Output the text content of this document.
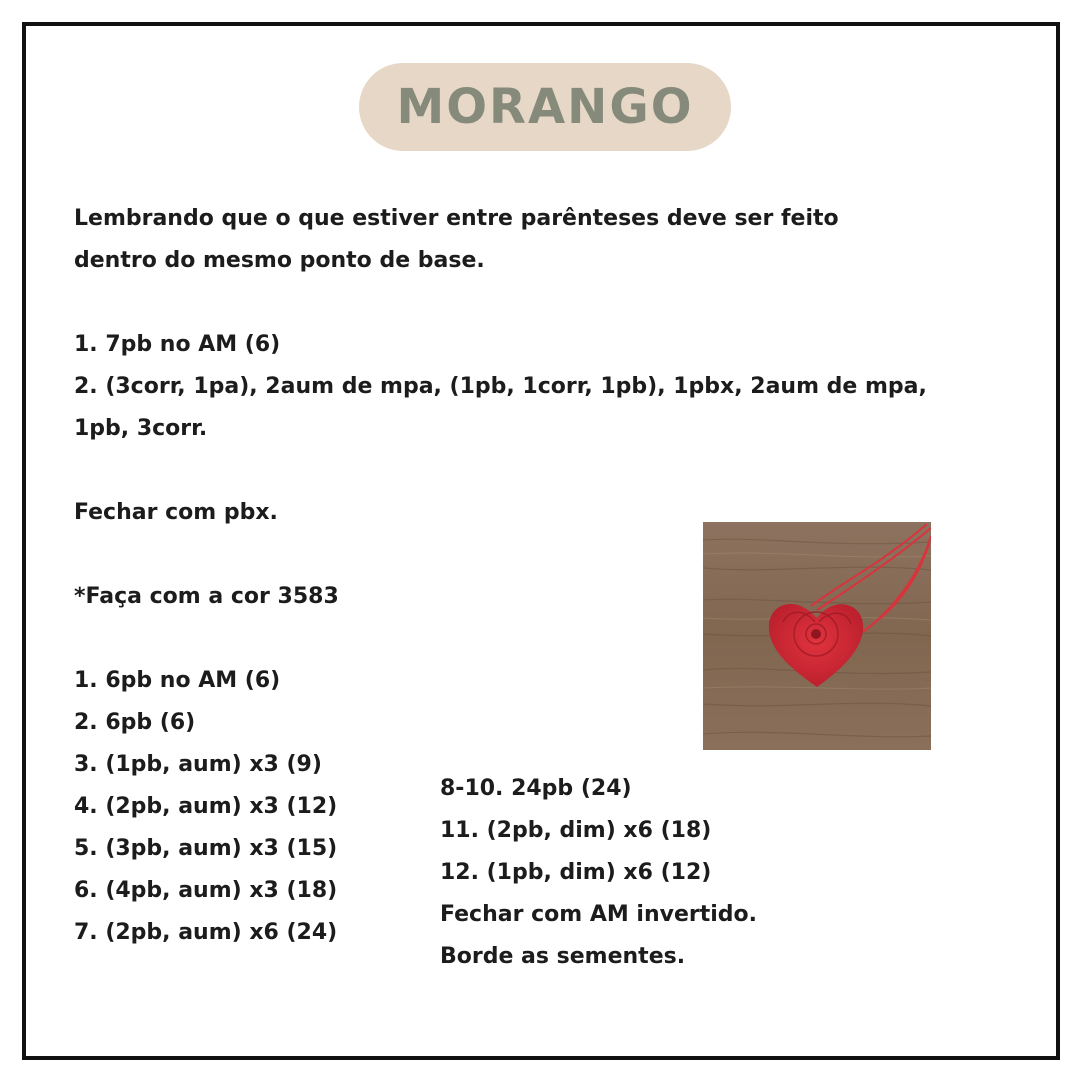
MORANGO
Lembrando que o que estiver entre parênteses deve ser feito
dentro do mesmo ponto de base.
1. 7pb no AM (6)
2. (3corr, 1pa), 2aum de mpa, (1pb, 1corr, 1pb), 1pbx, 2aum de mpa,
1pb, 3corr.
Fechar com pbx.
*Faça com a cor 3583
1. 6pb no AM (6)
2. 6pb (6)
3. (1pb, aum) x3 (9)
4. (2pb, aum) x3 (12)
5. (3pb, aum) x3 (15)
6. (4pb, aum) x3 (18)
7. (2pb, aum) x6 (24)
8-10. 24pb (24)
11. (2pb, dim) x6 (18)
12. (1pb, dim) x6 (12)
Fechar com AM invertido.
Borde as sementes.
